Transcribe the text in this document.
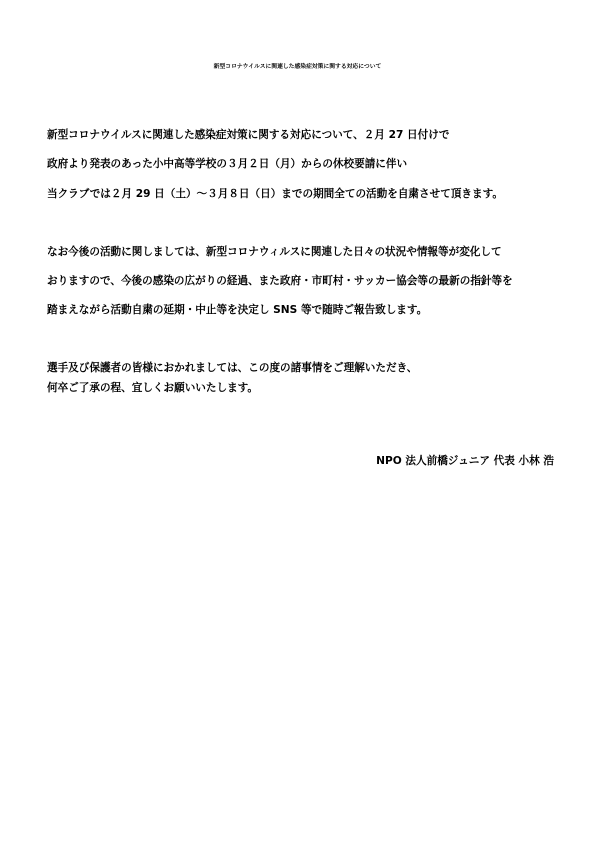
新型コロナウイルスに関連した感染症対策に関する対応について
新型コロナウイルスに関連した感染症対策に関する対応について、２月 27 日付けで
政府より発表のあった小中高等学校の３月２日（月）からの休校要請に伴い
当クラブでは２月 29 日（土）～３月８日（日）までの期間全ての活動を自粛させて頂きます。
なお今後の活動に関しましては、新型コロナウィルスに関連した日々の状況や情報等が変化して
おりますので、今後の感染の広がりの経過、また政府・市町村・サッカー協会等の最新の指針等を
踏まえながら活動自粛の延期・中止等を決定し SNS 等で随時ご報告致します。
選手及び保護者の皆様におかれましては、この度の諸事情をご理解いただき、
何卒ご了承の程、宜しくお願いいたします。
NPO 法人前橋ジュニア 代表 小林 浩
